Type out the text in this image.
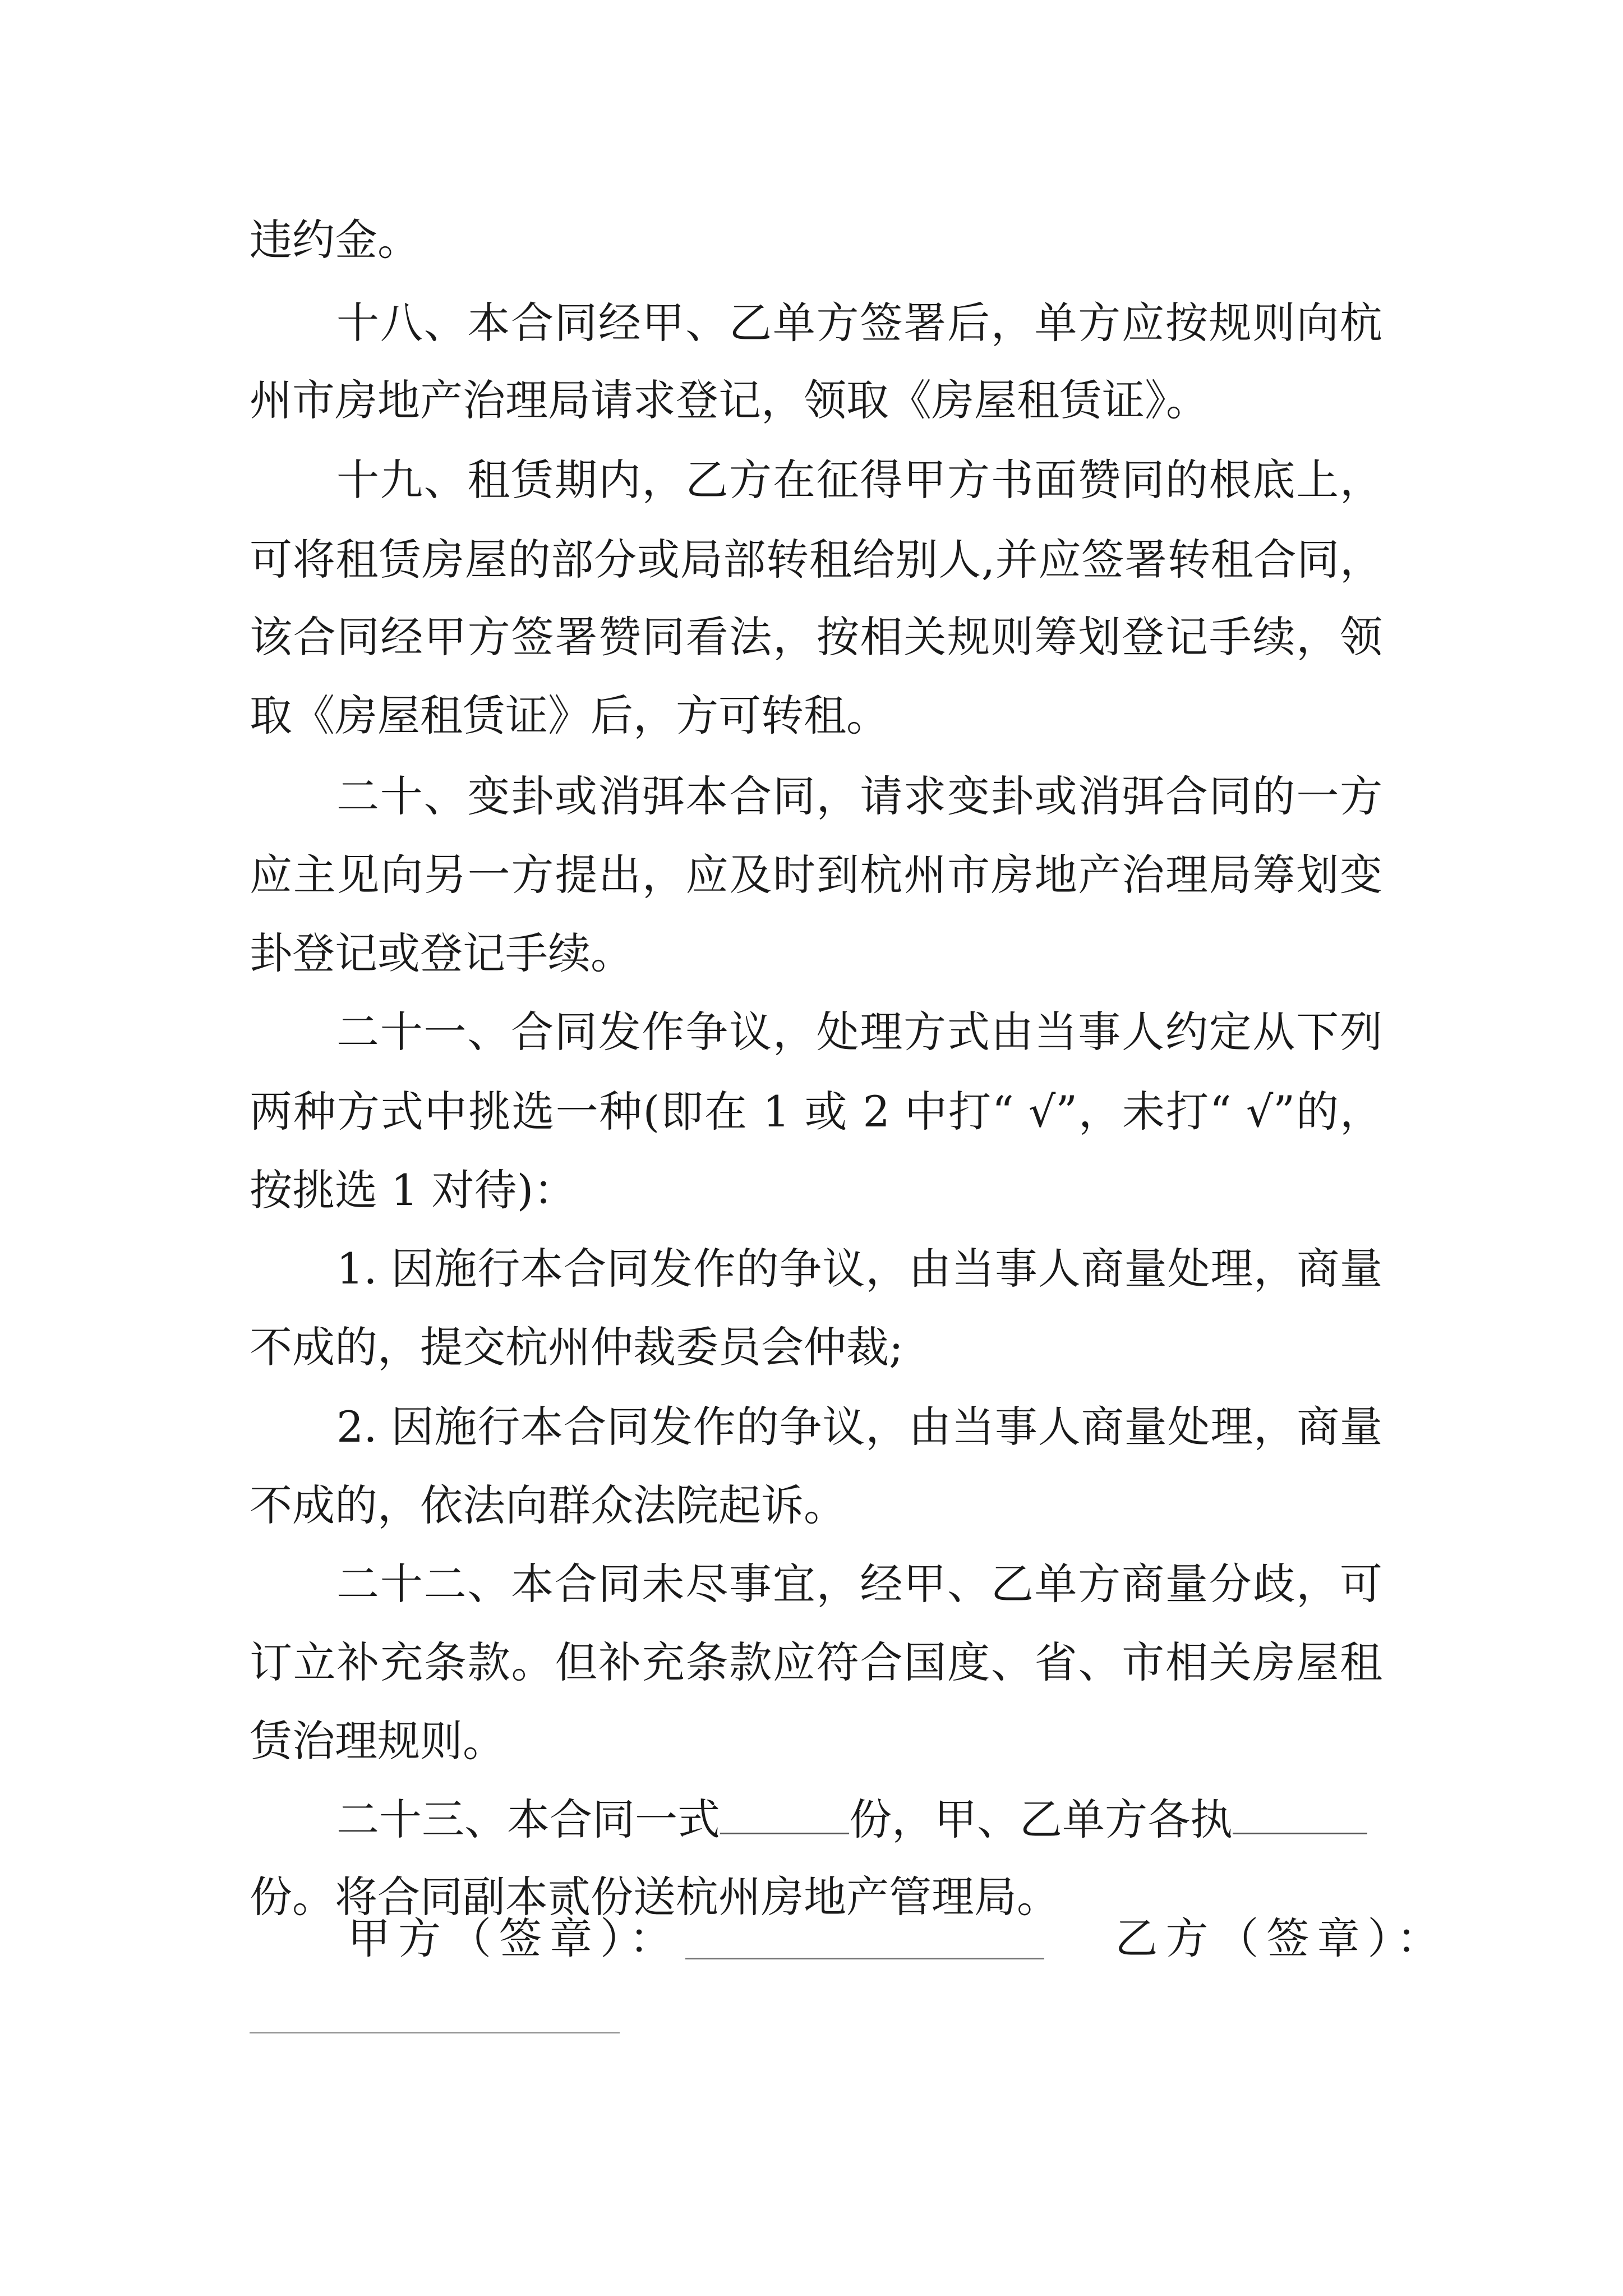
违约金。
十八、本合同经甲、乙单方签署后，单方应按规则向杭
州市房地产治理局请求登记，领取《房屋租赁证》。
十九、租赁期内，乙方在征得甲方书面赞同的根底上，
可将租赁房屋的部分或局部转租给别人,并应签署转租合同，
该合同经甲方签署赞同看法，按相关规则筹划登记手续，领
取《房屋租赁证》后，方可转租。
二十、变卦或消弭本合同，请求变卦或消弭合同的一方
应主见向另一方提出，应及时到杭州市房地产治理局筹划变
卦登记或登记手续。
二十一、合同发作争议，处理方式由当事人约定从下列
两种方式中挑选一种(即在 1 或 2 中打“ √”，未打“ √”的，
按挑选 1 对待)：
1. 因施行本合同发作的争议，由当事人商量处理，商量
不成的，提交杭州仲裁委员会仲裁;
2. 因施行本合同发作的争议，由当事人商量处理，商量
不成的，依法向群众法院起诉。
二十二、本合同未尽事宜，经甲、乙单方商量分歧，可
订立补充条款。但补充条款应符合国度、省、市相关房屋租
赁治理规则。
二十三、本合同一式	份，甲、乙单方各执
份。将合同副本贰份送杭州房地产管理局。
甲方（签章）：	乙方（签章）：
